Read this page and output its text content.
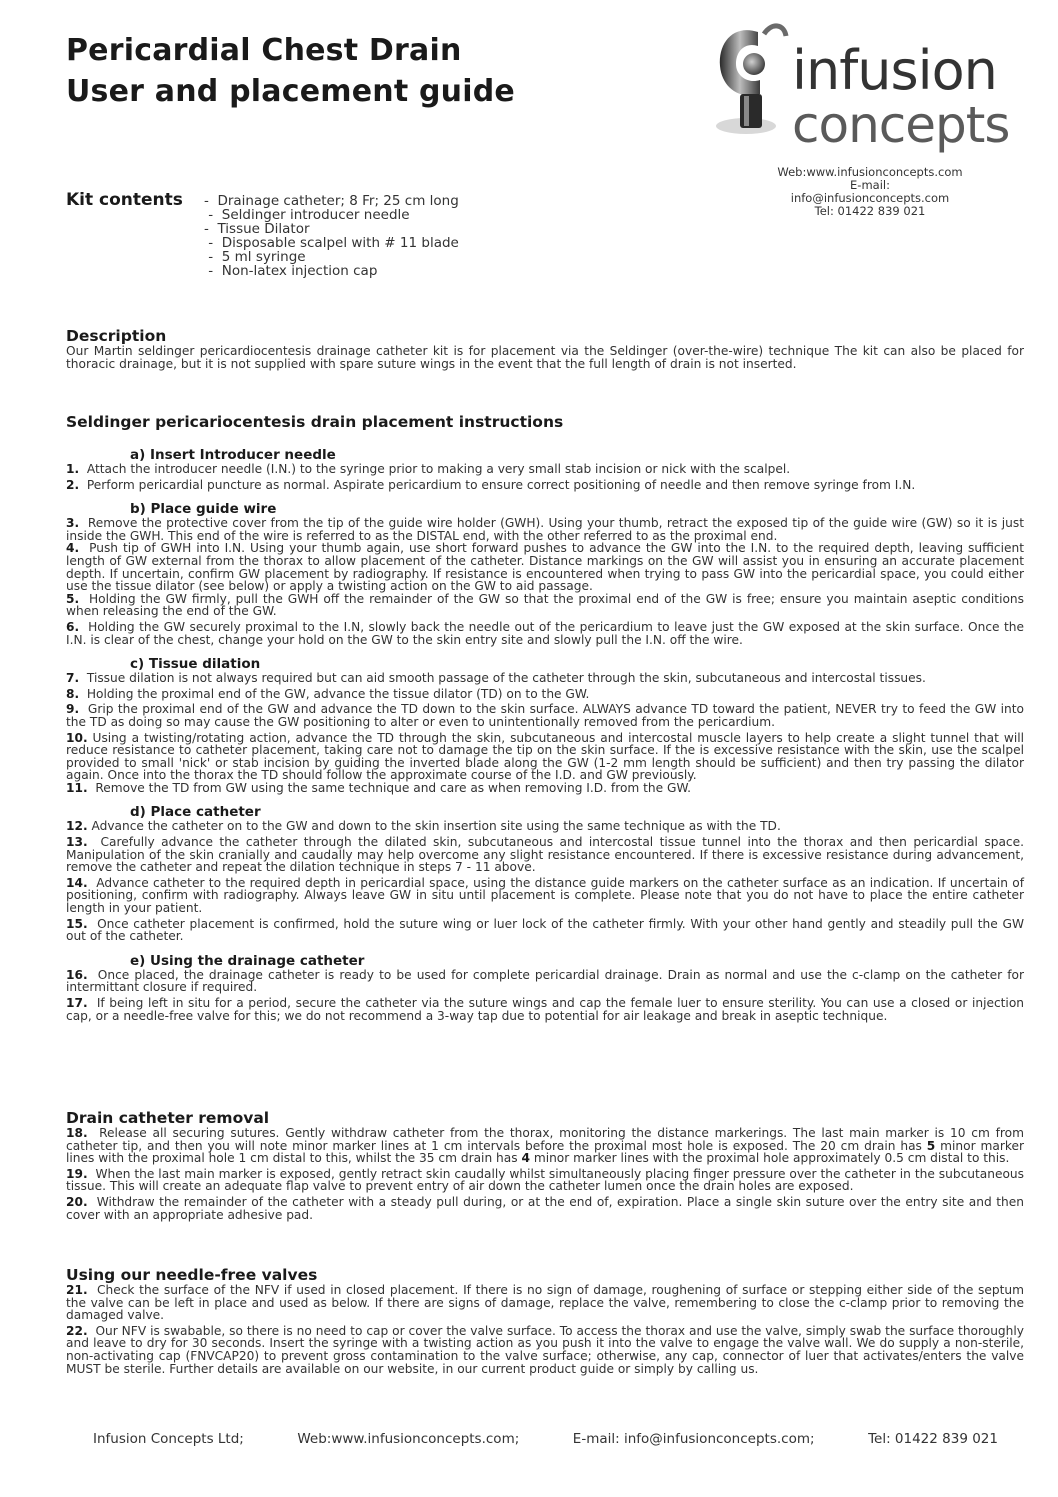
Pericardial Chest Drain
User and placement guide	infusion
concepts
Web:www.infusionconcepts.com
E-mail: info@infusionconcepts.com
Tel: 01422 839 021
Kit contents -  Drainage catheter; 8 Fr; 25 cm long
-  Seldinger introducer needle
-  Tissue Dilator
-  Disposable scalpel with # 11 blade
-  5 ml syringe
-  Non-latex injection cap
Description
Our Martin seldinger pericardiocentesis drainage catheter kit is for placement via the Seldinger (over-the-wire) technique The kit can also be placed for thoracic drainage, but it is not supplied with spare suture wings in the event that the full length of drain is not inserted.
Seldinger pericariocentesis drain placement instructions
a) Insert Introducer needle
1. Attach the introducer needle (I.N.) to the syringe prior to making a very small stab incision or nick with the scalpel.
2. Perform pericardial puncture as normal. Aspirate pericardium to ensure correct positioning of needle and then remove syringe from I.N.
b) Place guide wire
3. Remove the protective cover from the tip of the guide wire holder (GWH). Using your thumb, retract the exposed tip of the guide wire (GW) so it is just inside the GWH. This end of the wire is referred to as the DISTAL end, with the other referred to as the proximal end.
4. Push tip of GWH into I.N. Using your thumb again, use short forward pushes to advance the GW into the I.N. to the required depth, leaving sufficient length of GW external from the thorax to allow placement of the catheter. Distance markings on the GW will assist you in ensuring an accurate placement depth. If uncertain, confirm GW placement by radiography. If resistance is encountered when trying to pass GW into the pericardial space, you could either use the tissue dilator (see below) or apply a twisting action on the GW to aid passage.
5. Holding the GW firmly, pull the GWH off the remainder of the GW so that the proximal end of the GW is free; ensure you maintain aseptic conditions when releasing the end of the GW.
6. Holding the GW securely proximal to the I.N, slowly back the needle out of the pericardium to leave just the GW exposed at the skin surface. Once the I.N. is clear of the chest, change your hold on the GW to the skin entry site and slowly pull the I.N. off the wire.
c) Tissue dilation
7. Tissue dilation is not always required but can aid smooth passage of the catheter through the skin, subcutaneous and intercostal tissues.
8. Holding the proximal end of the GW, advance the tissue dilator (TD) on to the GW.
9. Grip the proximal end of the GW and advance the TD down to the skin surface. ALWAYS advance TD toward the patient, NEVER try to feed the GW into the TD as doing so may cause the GW positioning to alter or even to unintentionally removed from the pericardium.
10. Using a twisting/rotating action, advance the TD through the skin, subcutaneous and intercostal muscle layers to help create a slight tunnel that will reduce resistance to catheter placement, taking care not to damage the tip on the skin surface. If the is excessive resistance with the skin, use the scalpel provided to small 'nick' or stab incision by guiding the inverted blade along the GW (1-2 mm length should be sufficient) and then try passing the dilator again. Once into the thorax the TD should follow the approximate course of the I.D. and GW previously.
11. Remove the TD from GW using the same technique and care as when removing I.D. from the GW.
d) Place catheter
12. Advance the catheter on to the GW and down to the skin insertion site using the same technique as with the TD.
13. Carefully advance the catheter through the dilated skin, subcutaneous and intercostal tissue tunnel into the thorax and then pericardial space. Manipulation of the skin cranially and caudally may help overcome any slight resistance encountered. If there is excessive resistance during advancement, remove the catheter and repeat the dilation technique in steps 7 - 11 above.
14. Advance catheter to the required depth in pericardial space, using the distance guide markers on the catheter surface as an indication. If uncertain of positioning, confirm with radiography. Always leave GW in situ until placement is complete. Please note that you do not have to place the entire catheter length in your patient.
15. Once catheter placement is confirmed, hold the suture wing or luer lock of the catheter firmly. With your other hand gently and steadily pull the GW out of the catheter.
e) Using the drainage catheter
16. Once placed, the drainage catheter is ready to be used for complete pericardial drainage. Drain as normal and use the c-clamp on the catheter for intermittant closure if required.
17. If being left in situ for a period, secure the catheter via the suture wings and cap the female luer to ensure sterility. You can use a closed or injection cap, or a needle-free valve for this; we do not recommend a 3-way tap due to potential for air leakage and break in aseptic technique.
Drain catheter removal
18. Release all securing sutures. Gently withdraw catheter from the thorax, monitoring the distance markerings. The last main marker is 10 cm from catheter tip, and then you will note minor marker lines at 1 cm intervals before the proximal most hole is exposed. The 20 cm drain has 5 minor marker lines with the proximal hole 1 cm distal to this, whilst the 35 cm drain has 4 minor marker lines with the proximal hole approximately 0.5 cm distal to this.
19. When the last main marker is exposed, gently retract skin caudally whilst simultaneously placing finger pressure over the catheter in the subcutaneous tissue. This will create an adequate flap valve to prevent entry of air down the catheter lumen once the drain holes are exposed.
20. Withdraw the remainder of the catheter with a steady pull during, or at the end of, expiration. Place a single skin suture over the entry site and then cover with an appropriate adhesive pad.
Using our needle-free valves
21. Check the surface of the NFV if used in closed placement. If there is no sign of damage, roughening of surface or stepping either side of the septum the valve can be left in place and used as below. If there are signs of damage, replace the valve, remembering to close the c-clamp prior to removing the damaged valve.
22. Our NFV is swabable, so there is no need to cap or cover the valve surface. To access the thorax and use the valve, simply swab the surface thoroughly and leave to dry for 30 seconds. Insert the syringe with a twisting action as you push it into the valve to engage the valve wall. We do supply a non-sterile, non-activating cap (FNVCAP20) to prevent gross contamination to the valve surface; otherwise, any cap, connector of luer that activates/enters the valve MUST be sterile. Further details are available on our website, in our current product guide or simply by calling us.
Infusion Concepts Ltd;	Web:www.infusionconcepts.com;	E-mail: info@infusionconcepts.com;	Tel: 01422 839 021
